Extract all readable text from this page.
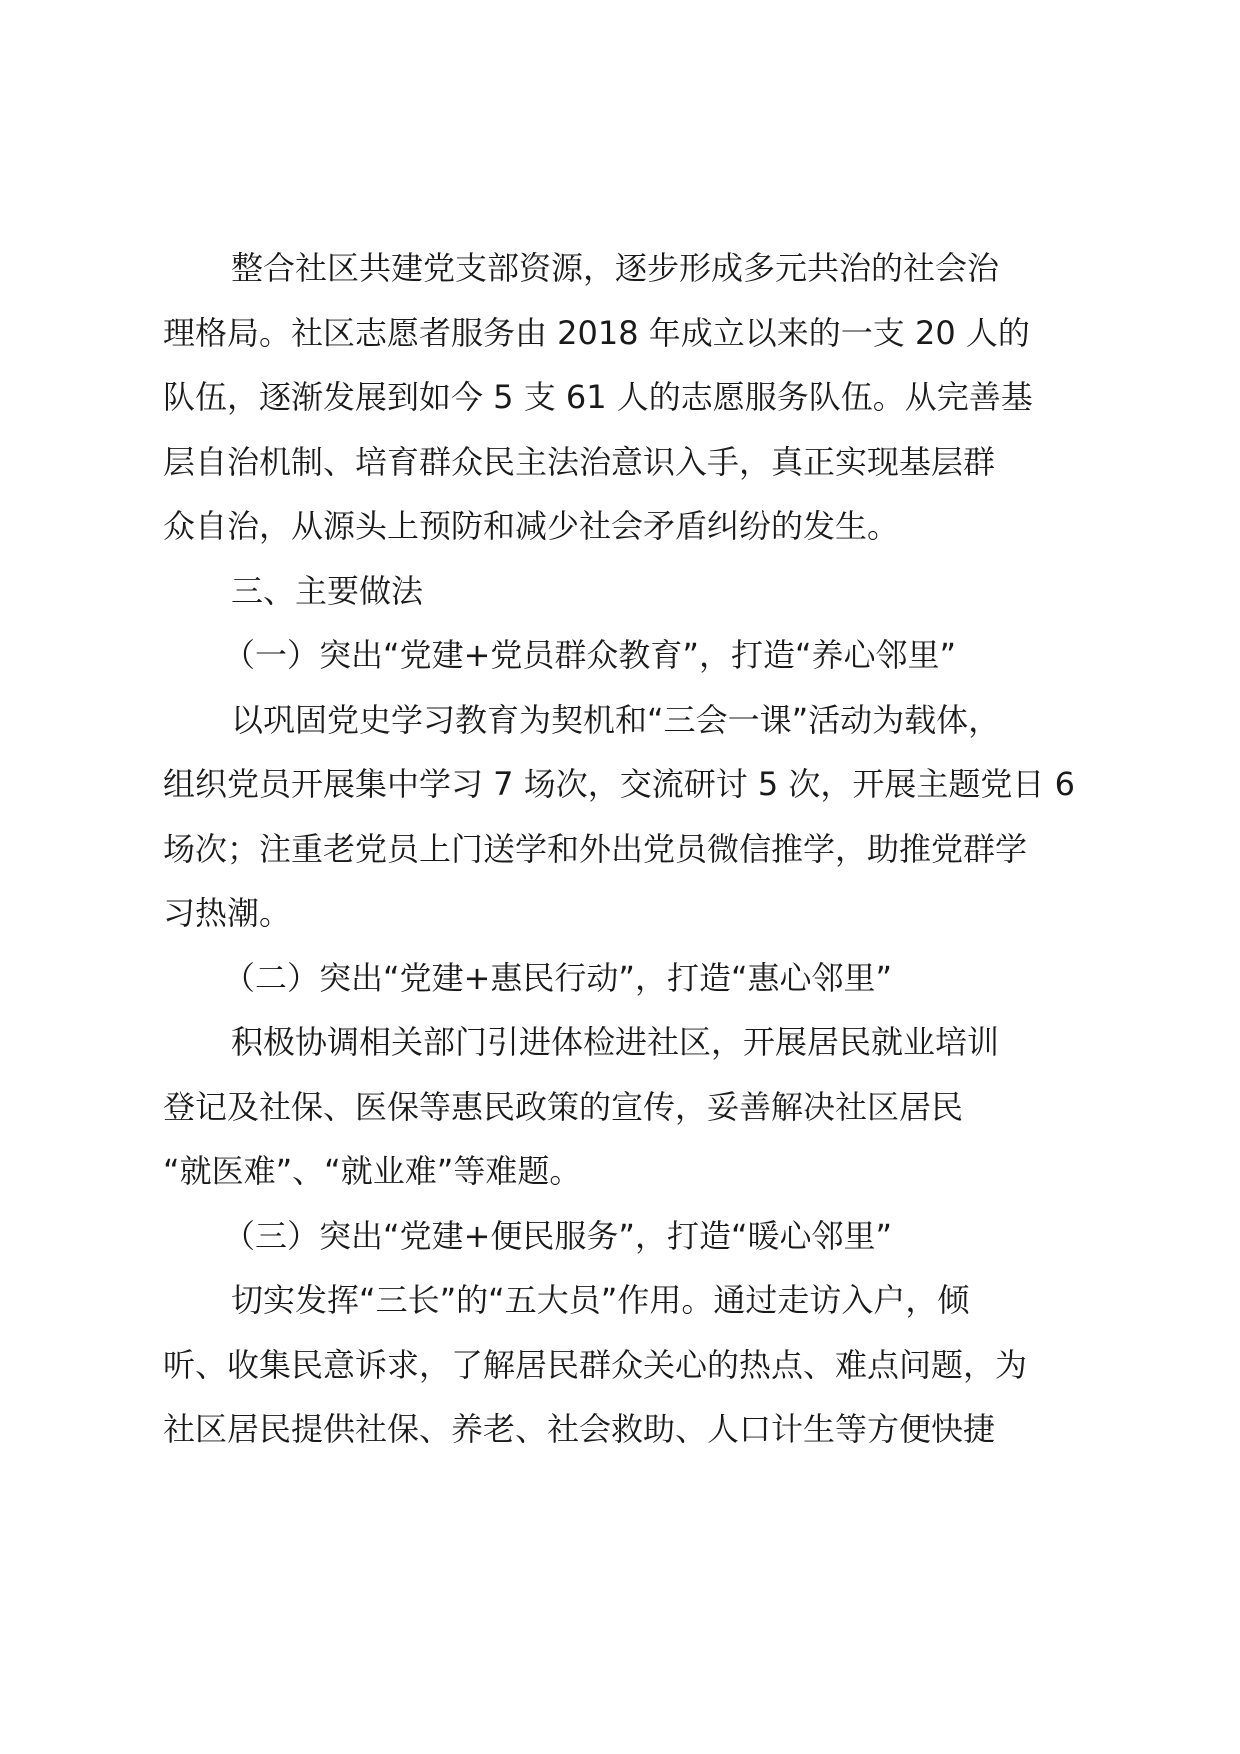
整合社区共建党支部资源，逐步形成多元共治的社会治
理格局。社区志愿者服务由 2018 年成立以来的一支 20 人的
队伍，逐渐发展到如今 5 支 61 人的志愿服务队伍。从完善基
层自治机制、培育群众民主法治意识入手，真正实现基层群
众自治，从源头上预防和减少社会矛盾纠纷的发生。
三、主要做法
（一）突出“党建+党员群众教育”，打造“养心邻里”
以巩固党史学习教育为契机和“三会一课”活动为载体，
组织党员开展集中学习 7 场次，交流研讨 5 次，开展主题党日 6
场次；注重老党员上门送学和外出党员微信推学，助推党群学
习热潮。
（二）突出“党建+惠民行动”，打造“惠心邻里”
积极协调相关部门引进体检进社区，开展居民就业培训
登记及社保、医保等惠民政策的宣传，妥善解决社区居民
“就医难”、“就业难”等难题。
（三）突出“党建+便民服务”，打造“暖心邻里”
切实发挥“三长”的“五大员”作用。通过走访入户，倾
听、收集民意诉求，了解居民群众关心的热点、难点问题，为
社区居民提供社保、养老、社会救助、人口计生等方便快捷
